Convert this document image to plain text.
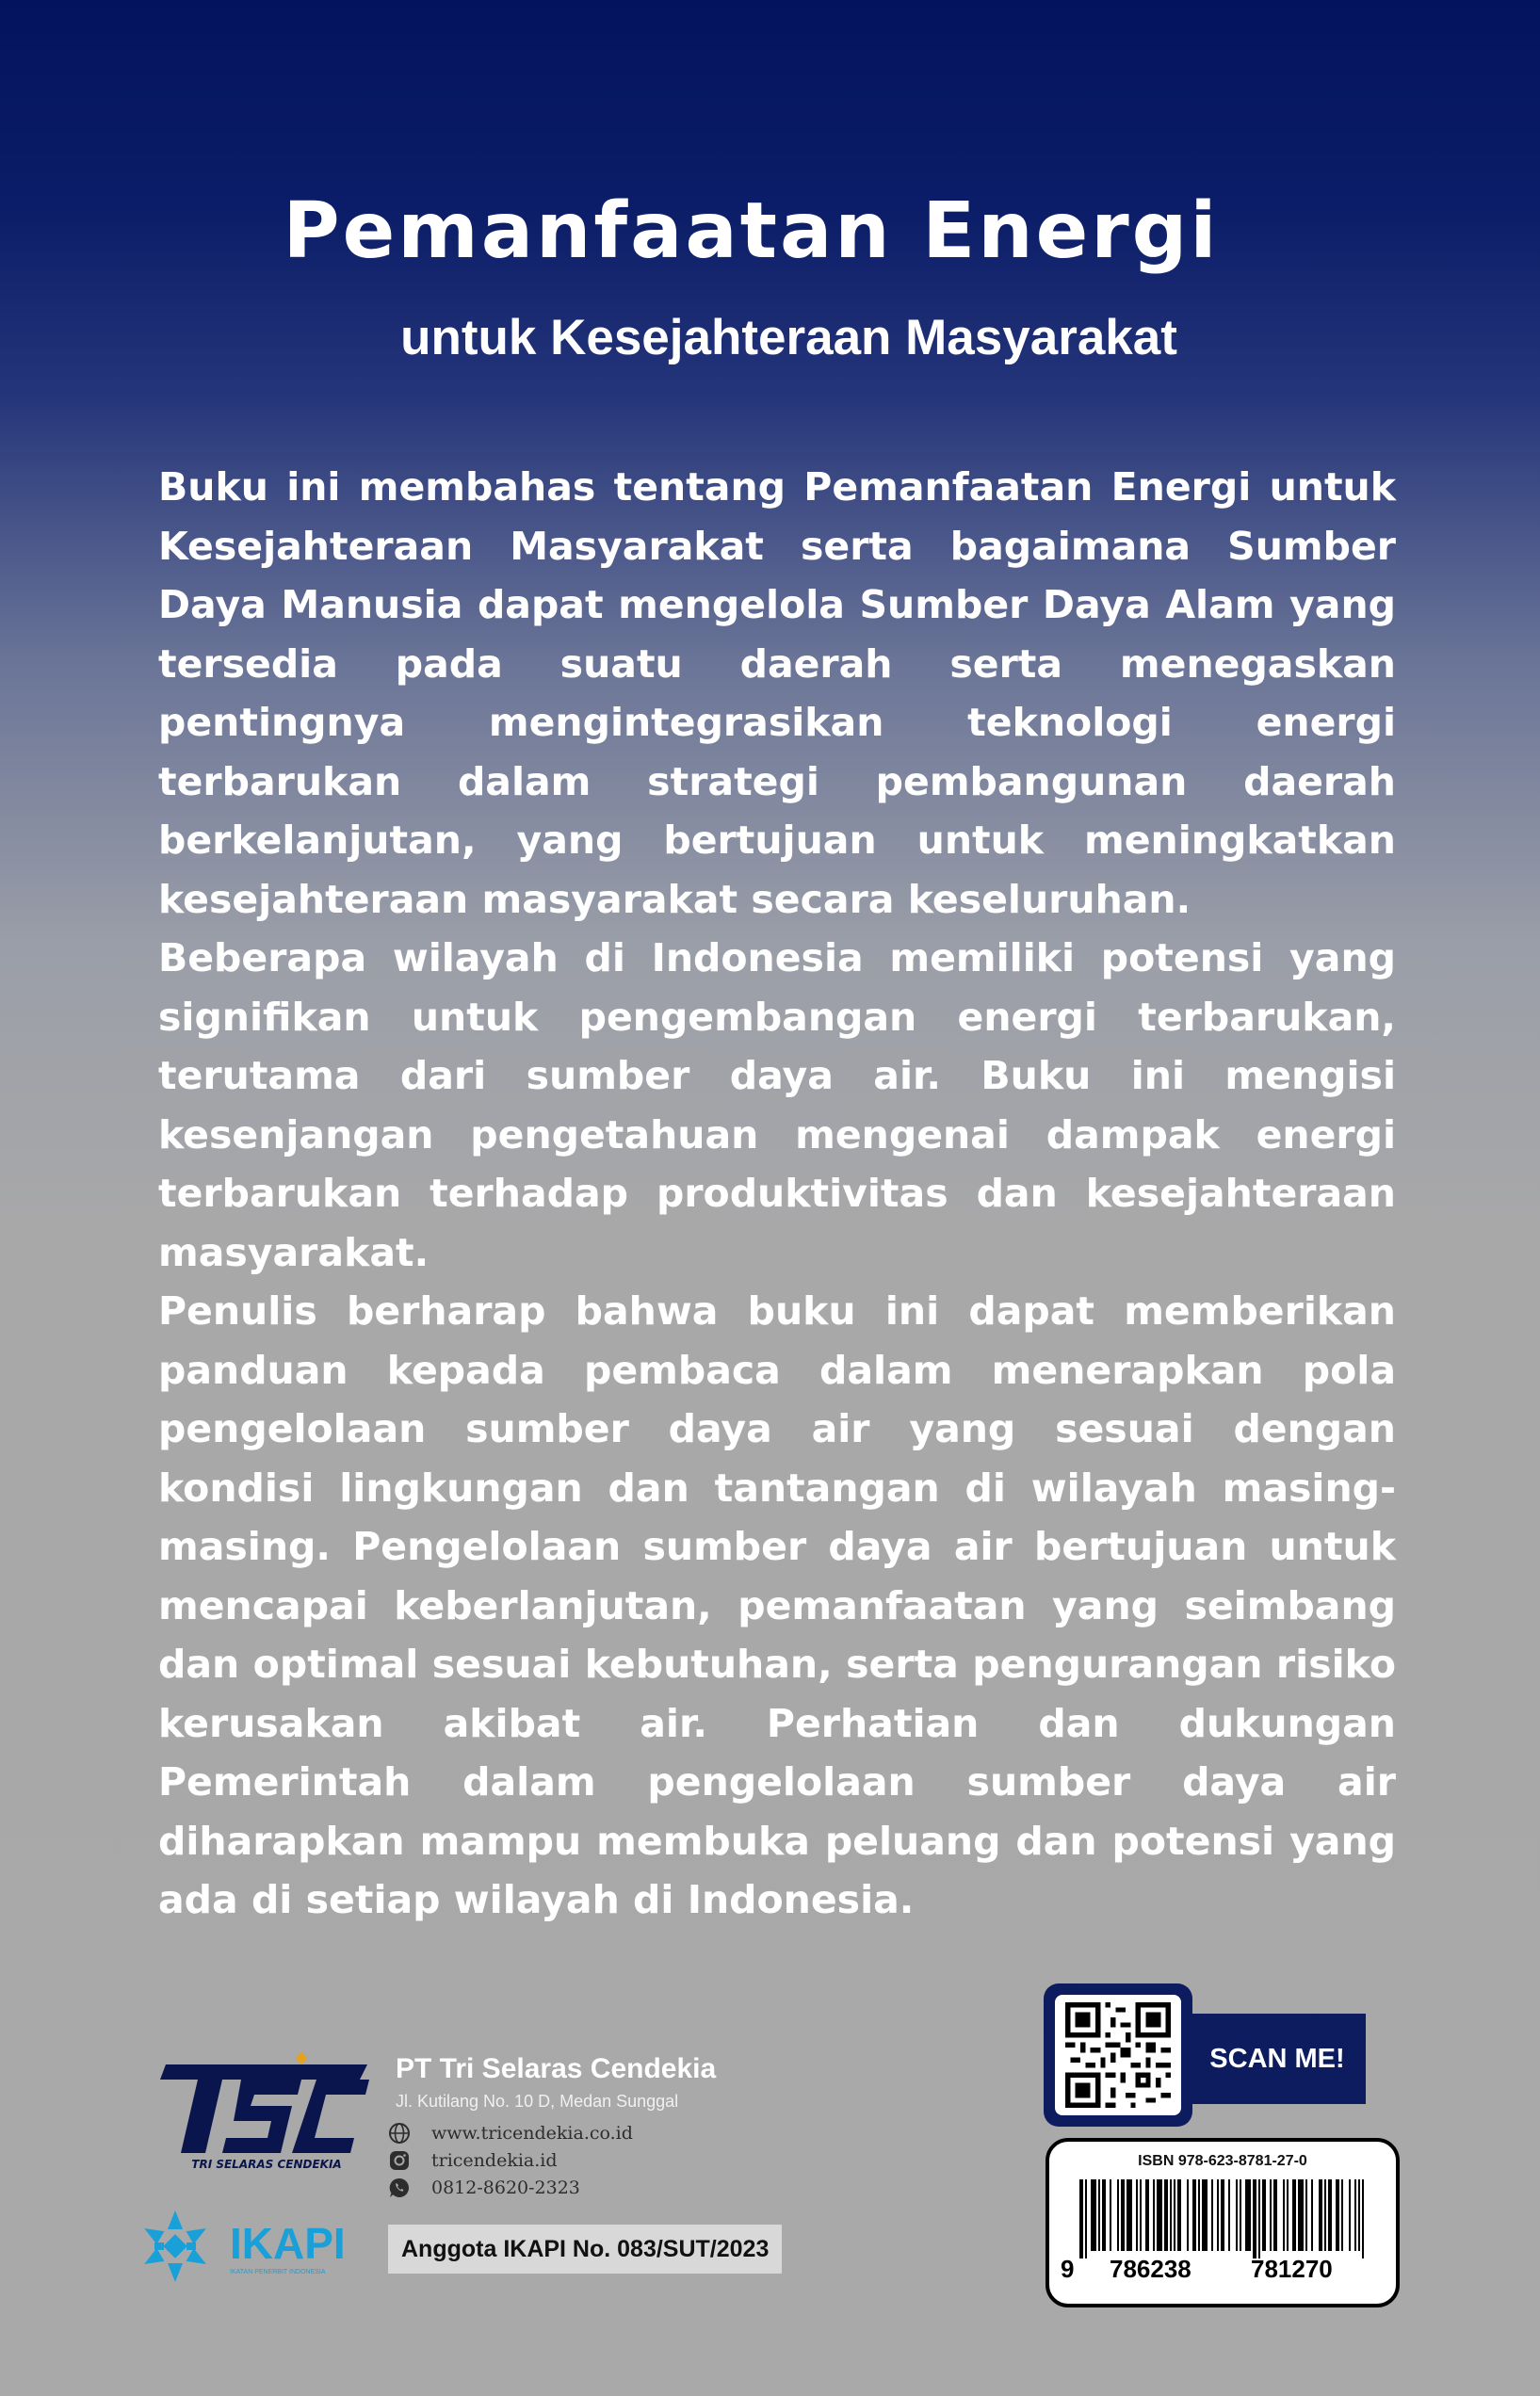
Pemanfaatan Energi
untuk Kesejahteraan Masyarakat

Buku ini membahas tentang Pemanfaatan Energi untuk Kesejahteraan Masyarakat serta bagaimana Sumber Daya Manusia dapat mengelola Sumber Daya Alam yang tersedia pada suatu daerah serta menegaskan pentingnya mengintegrasikan teknologi energi terbarukan dalam strategi pembangunan daerah berkelanjutan, yang bertujuan untuk meningkatkan kesejahteraan masyarakat secara keseluruhan.

Beberapa wilayah di Indonesia memiliki potensi yang signifikan untuk pengembangan energi terbarukan, terutama dari sumber daya air. Buku ini mengisi kesenjangan pengetahuan mengenai dampak energi terbarukan terhadap produktivitas dan kesejahteraan masyarakat.

Penulis berharap bahwa buku ini dapat memberikan panduan kepada pembaca dalam menerapkan pola pengelolaan sumber daya air yang sesuai dengan kondisi lingkungan dan tantangan di wilayah masing-masing. Pengelolaan sumber daya air bertujuan untuk mencapai keberlanjutan, pemanfaatan yang seimbang dan optimal sesuai kebutuhan, serta pengurangan risiko kerusakan akibat air. Perhatian dan dukungan Pemerintah dalam pengelolaan sumber daya air diharapkan mampu membuka peluang dan potensi yang ada di setiap wilayah di Indonesia.

TRI SELARAS CENDEKIA
PT Tri Selaras Cendekia
Jl. Kutilang No. 10 D, Medan Sunggal
www.tricendekia.co.id
tricendekia.id
0812-8620-2323
IKAPI
IKATAN PENERBIT INDONESIA
Anggota IKAPI No. 083/SUT/2023
SCAN ME!
ISBN 978-623-8781-27-0
9 786238 781270
